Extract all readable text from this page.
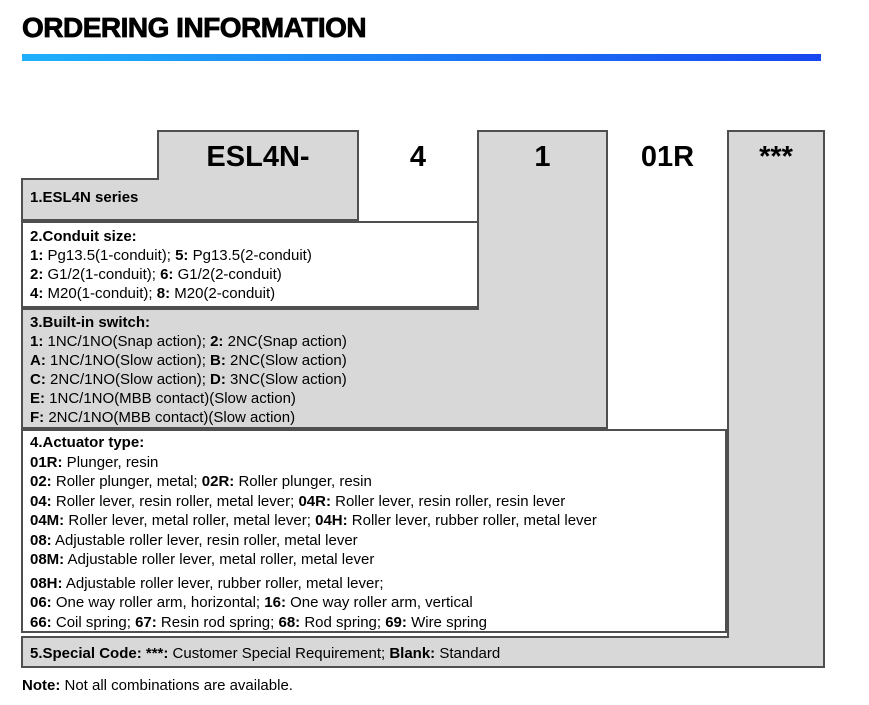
ORDERING INFORMATION
ESL4N-	4	1	01R	***
1.ESL4N series
2.Conduit size:
1: Pg13.5(1-conduit); 5: Pg13.5(2-conduit)
2: G1/2(1-conduit); 6: G1/2(2-conduit)
4: M20(1-conduit); 8: M20(2-conduit)
3.Built-in switch:
1: 1NC/1NO(Snap action); 2: 2NC(Snap action)
A: 1NC/1NO(Slow action); B: 2NC(Slow action)
C: 2NC/1NO(Slow action); D: 3NC(Slow action)
E: 1NC/1NO(MBB contact)(Slow action)
F: 2NC/1NO(MBB contact)(Slow action)
4.Actuator type:
01R: Plunger, resin
02: Roller plunger, metal; 02R: Roller plunger, resin
04: Roller lever, resin roller, metal lever; 04R: Roller lever, resin roller, resin lever
04M: Roller lever, metal roller, metal lever; 04H: Roller lever, rubber roller, metal lever
08: Adjustable roller lever, resin roller, metal lever
08M: Adjustable roller lever, metal roller, metal lever
08H: Adjustable roller lever, rubber roller, metal lever;
06: One way roller arm, horizontal; 16: One way roller arm, vertical
66: Coil spring; 67: Resin rod spring; 68: Rod spring; 69: Wire spring
5.Special Code: ***: Customer Special Requirement; Blank: Standard
Note: Not all combinations are available.
